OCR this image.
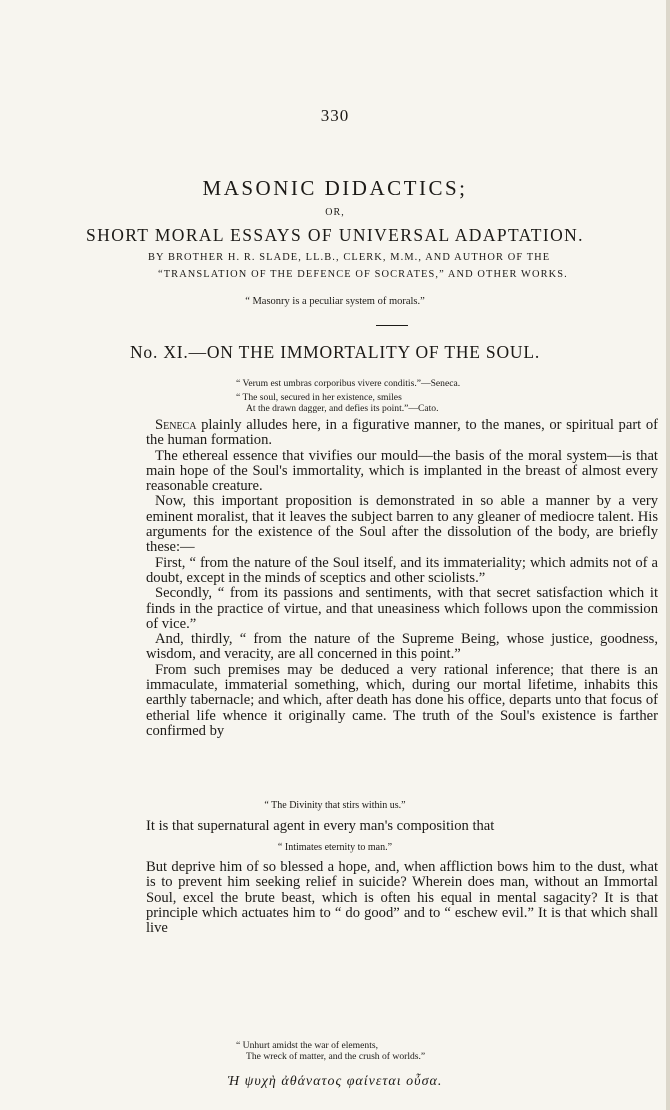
330
MASONIC DIDACTICS;
OR,
SHORT MORAL ESSAYS OF UNIVERSAL ADAPTATION.
BY BROTHER H. R. SLADE, LL.B., CLERK, M.M., AND AUTHOR OF THE
“TRANSLATION OF THE DEFENCE OF SOCRATES,” AND OTHER WORKS.
“ Masonry is a peculiar system of morals.”
No. XI.—ON THE IMMORTALITY OF THE SOUL.
“ Verum est umbras corporibus vivere conditis.”—Seneca.
“ The soul, secured in her existence, smiles
At the drawn dagger, and defies its point.”—Cato.

Seneca plainly alludes here, in a figurative manner, to the manes, or spiritual part of the human formation.

The ethereal essence that vivifies our mould—the basis of the moral system—is that main hope of the Soul's immortality, which is implanted in the breast of almost every reasonable creature.

Now, this important proposition is demonstrated in so able a manner by a very eminent moralist, that it leaves the subject barren to any gleaner of mediocre talent. His arguments for the existence of the Soul after the dissolution of the body, are briefly these:—

First, “ from the nature of the Soul itself, and its immateriality; which admits not of a doubt, except in the minds of sceptics and other sciolists.”

Secondly, “ from its passions and sentiments, with that secret satisfaction which it finds in the practice of virtue, and that uneasiness which follows upon the commission of vice.”

And, thirdly, “ from the nature of the Supreme Being, whose justice, goodness, wisdom, and veracity, are all concerned in this point.”

From such premises may be deduced a very rational inference; that there is an immaculate, immaterial something, which, during our mortal lifetime, inhabits this earthly tabernacle; and which, after death has done his office, departs unto that focus of etherial life whence it originally came. The truth of the Soul's existence is farther confirmed by

“ The Divinity that stirs within us.”
It is that supernatural agent in every man's composition that
“ Intimates eternity to man.”

But deprive him of so blessed a hope, and, when affliction bows him to the dust, what is to prevent him seeking relief in suicide? Wherein does man, without an Immortal Soul, excel the brute beast, which is often his equal in mental sagacity? It is that principle which actuates him to “ do good” and to “ eschew evil.” It is that which shall live

“ Unhurt amidst the war of elements,
The wreck of matter, and the crush of worlds.”
Ἡ ψυχὴ ἀθάνατος φαίνεται οὖσα.
